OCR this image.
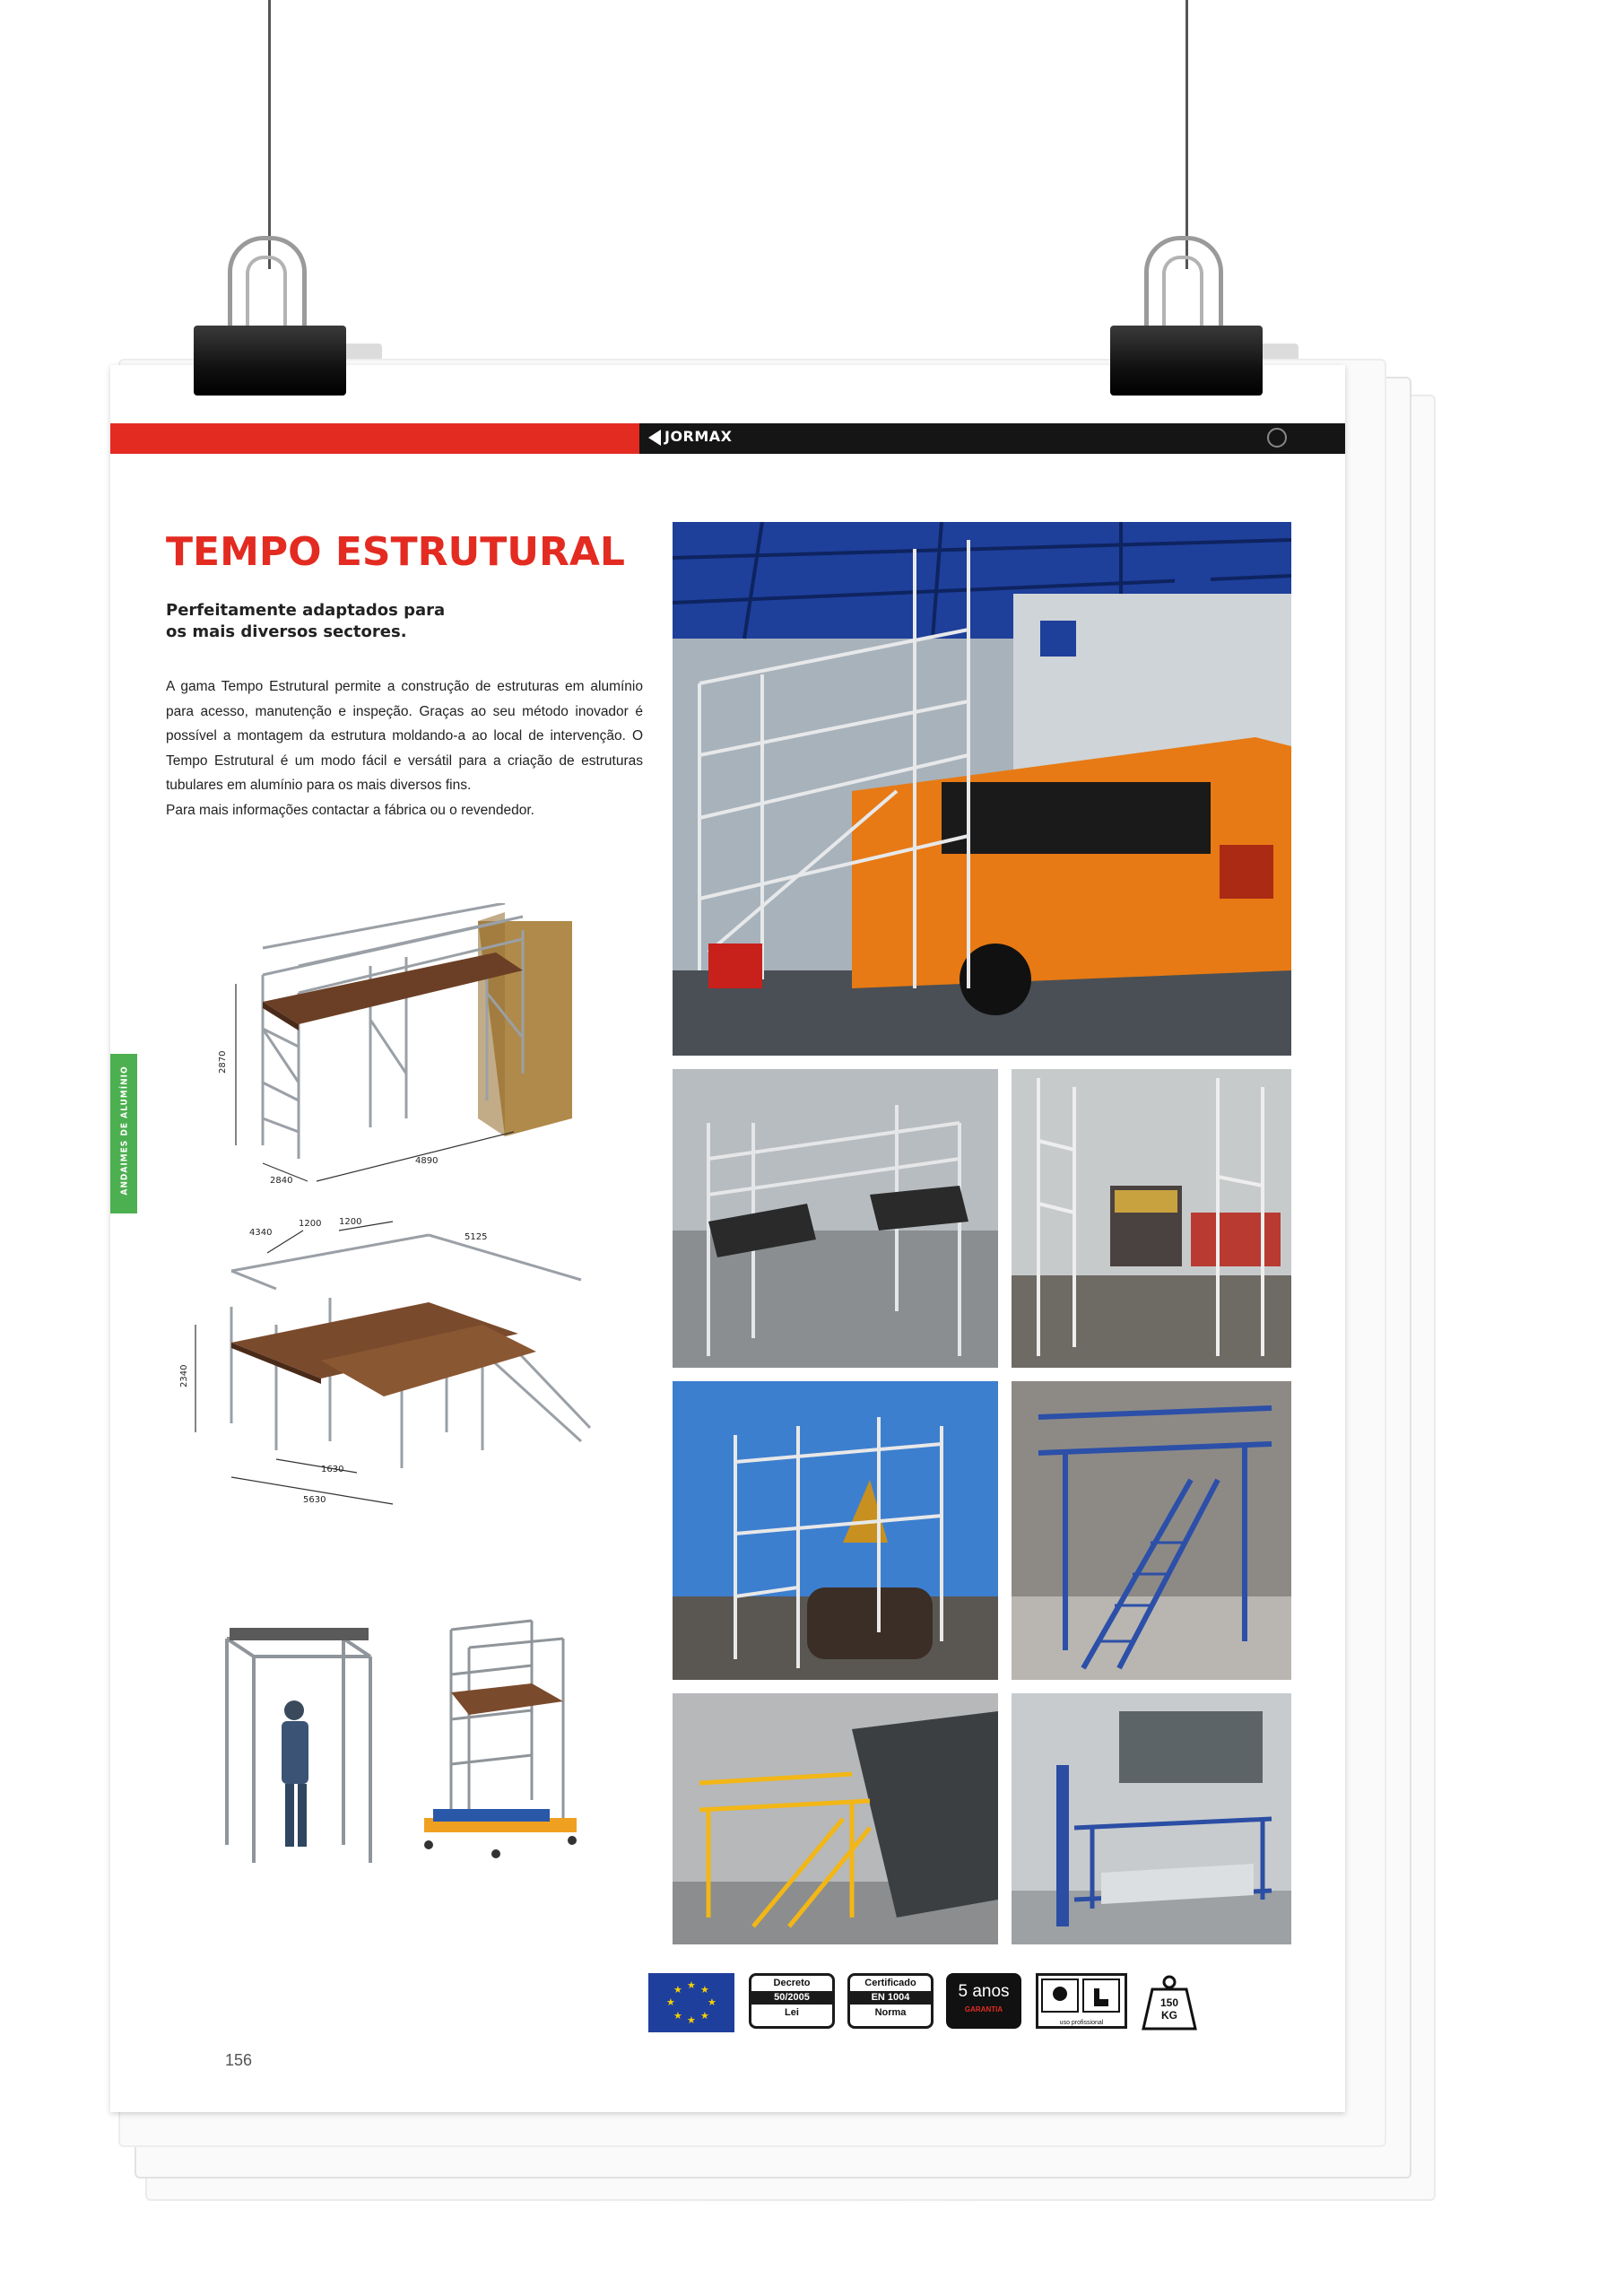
JORMAX
ANDAIMES DE ALUMÍNIO
TEMPO ESTRUTURAL

Perfeitamente adaptados para
os mais diversos sectores.

A gama Tempo Estrutural permite a construção de estruturas em alumínio para acesso, manutenção e inspeção. Graças ao seu método inovador é possível a montagem da estrutura moldando-a ao local de intervenção. O Tempo Estrutural é um modo fácil e versátil para a criação de estruturas tubulares em alumínio para os mais diversos fins.
Para mais informações contactar a fábrica ou o revendedor.

2870
2840
4890
2340
4340
1200 1200
5125
1630
5630
★ ★
★
★
★
★
★
★
Decreto
50/2005
Lei
Certificado
EN 1004
Norma
5 anos
GARANTIA
uso profissional
150
KG
156
